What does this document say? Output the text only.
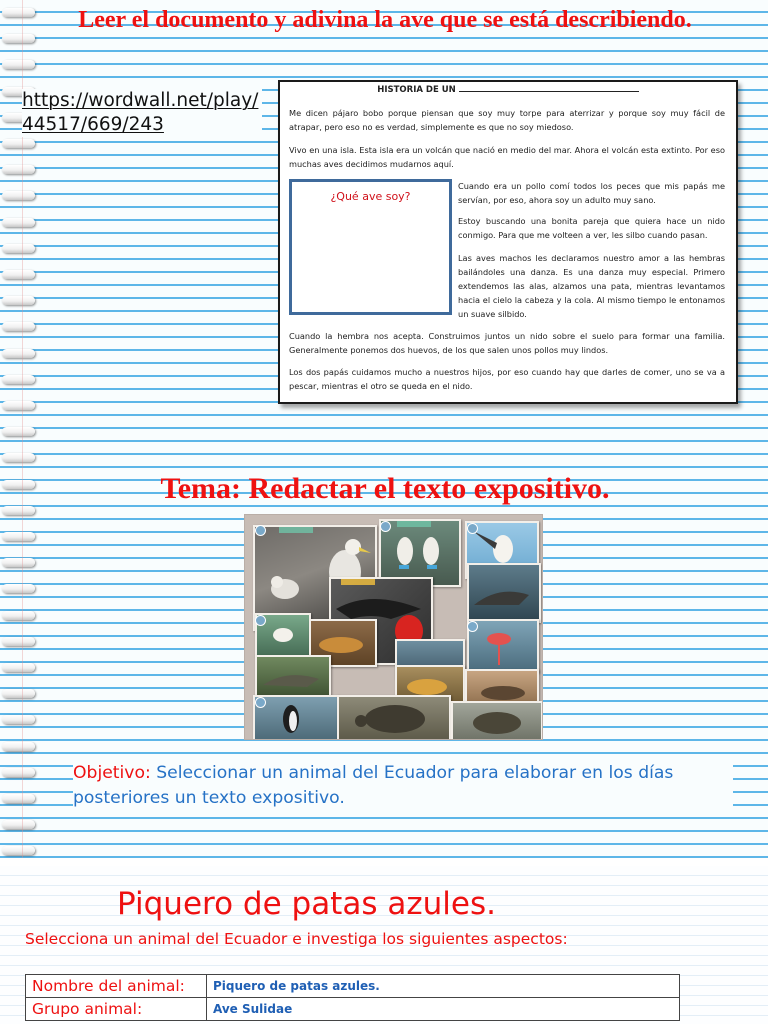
Leer el documento y adivina la ave que se está describiendo.
https://wordwall.net/play/44517/669/243
HISTORIA DE UN

Me dicen pájaro bobo porque piensan que soy muy torpe para aterrizar y porque soy muy fácil de atrapar, pero eso no es verdad, simplemente es que no soy miedoso.

Vivo en una isla. Esta isla era un volcán que nació en medio del mar. Ahora el volcán esta extinto. Por eso muchas aves decidimos mudarnos aquí.

¿Qué ave soy?

Cuando era un pollo comí todos los peces que mis papás me servían, por eso, ahora soy un adulto muy sano.

Estoy buscando una bonita pareja que quiera hace un nido conmigo. Para que me volteen a ver, les silbo cuando pasan.

Las aves machos les declaramos nuestro amor a las hembras bailándoles una danza. Es una danza muy especial. Primero extendemos las alas, alzamos una pata, mientras levantamos hacia el cielo la cabeza y la cola. Al mismo tiempo le entonamos un suave silbido.

Cuando la hembra nos acepta. Construimos juntos un nido sobre el suelo para formar una familia. Generalmente ponemos dos huevos, de los que salen unos pollos muy lindos.

Los dos papás cuidamos mucho a nuestros hijos, por eso cuando hay que darles de comer, uno se va a pescar, mientras el otro se queda en el nido.

Tema: Redactar el texto expositivo.

Objetivo: Seleccionar un animal del Ecuador para elaborar en los días posteriores un texto expositivo.

Piquero de patas azules.

Selecciona un animal del Ecuador e investiga los siguientes aspectos:

Nombre del animal:	Piquero de patas azules.
Grupo animal:	Ave Sulidae
